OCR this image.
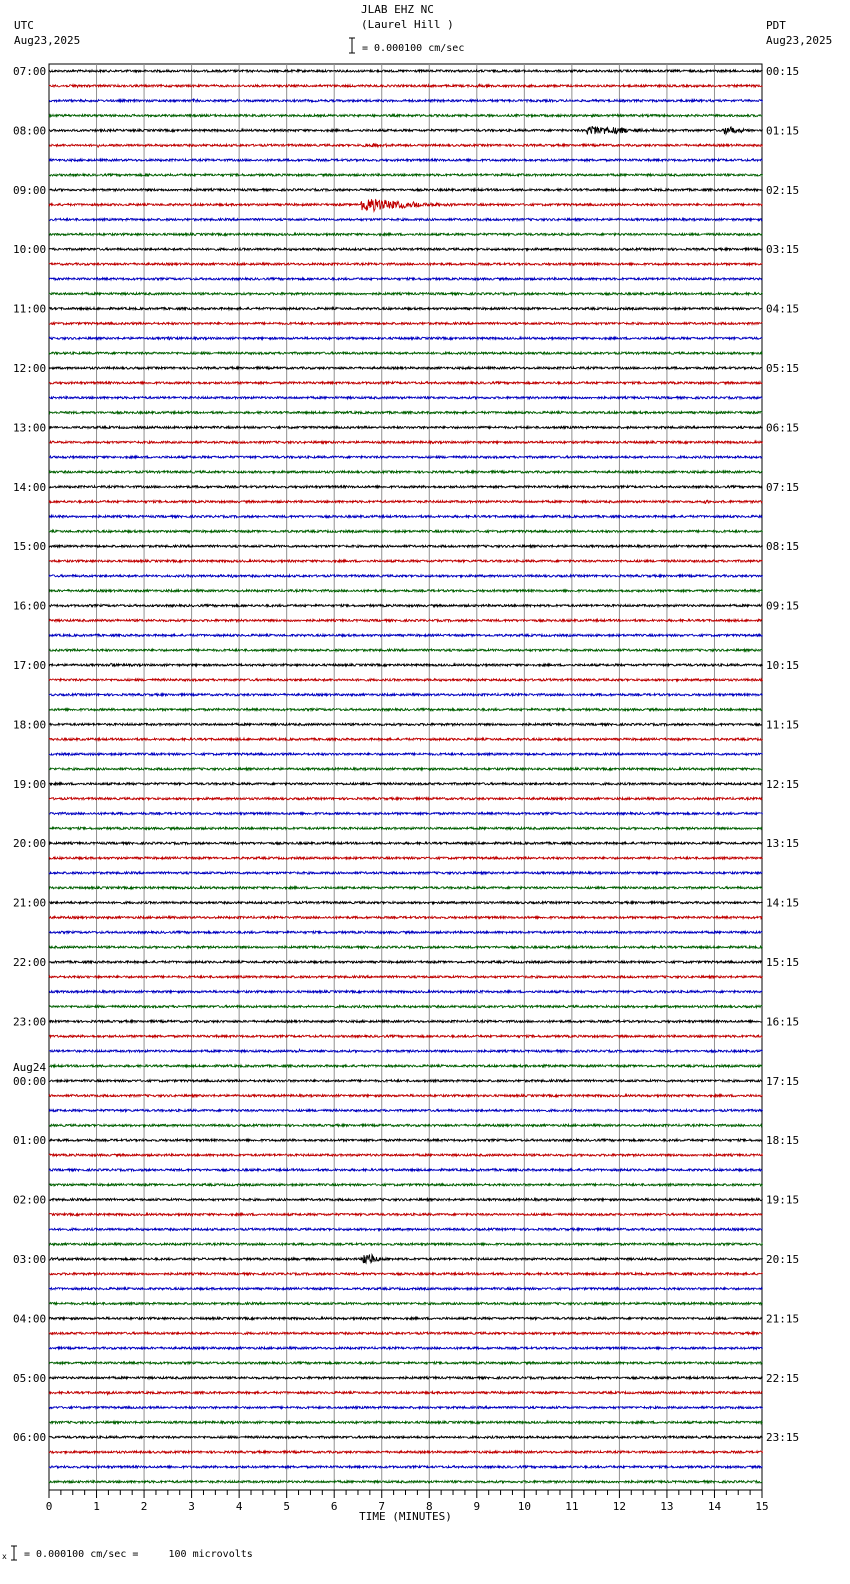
JLAB EHZ NC
(Laurel Hill )
= 0.000100 cm/sec
UTC
Aug23,2025
PDT
Aug23,2025
Aug24
x = 0.000100 cm/sec =     100 microvolts
0	1	2	3	4	5	6	7	8	9	10	11	12	13	14	15
TIME (MINUTES)
07:00
08:00
09:00
10:00
11:00
12:00
13:00
14:00
15:00
16:00
17:00
18:00
19:00
20:00
21:00
22:00
23:00
00:00
01:00
02:00
03:00
04:00
05:00
06:00
00:15
01:15
02:15
03:15
04:15
05:15
06:15
07:15
08:15
09:15
10:15
11:15
12:15
13:15
14:15
15:15
16:15
17:15
18:15
19:15
20:15
21:15
22:15
23:15
